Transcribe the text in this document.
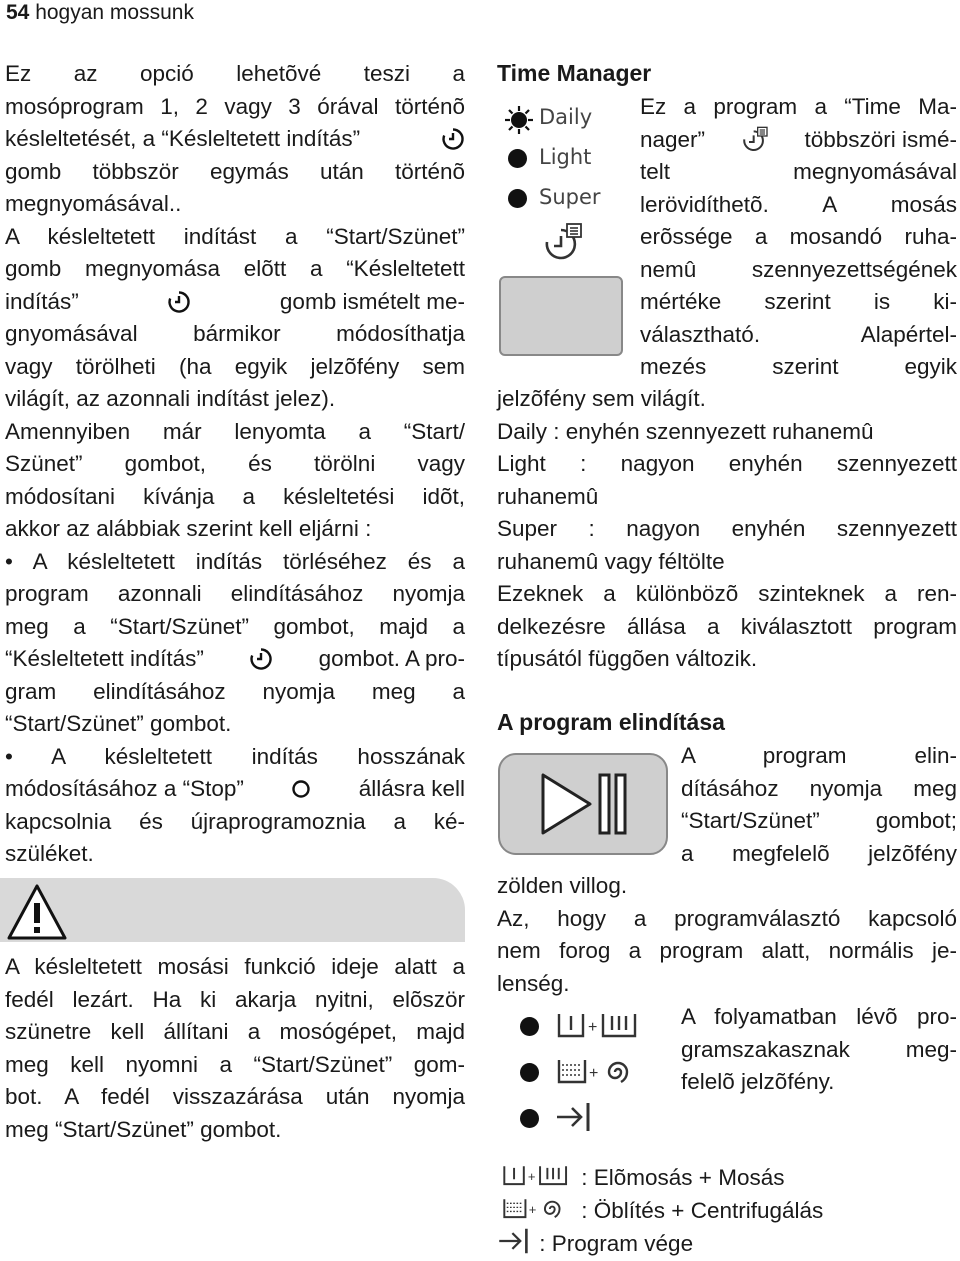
54 hogyan mossunk
Ez az opció lehetõvé teszi a
mosóprogram 1, 2 vagy 3 órával történõ
késleltetését, a “Késleltetett indítás”
gomb többször egymás után történõ
megnyomásával..
A késleltetett indítást a “Start/Szünet”
gomb megnyomása elõtt a “Késleltetett
indítás”	gomb ismételt me-
gnyomásával bármikor módosíthatja
vagy törölheti (ha egyik jelzõfény sem
világít, az azonnali indítást jelez).
Amennyiben már lenyomta a “Start/
Szünet” gombot, és törölni vagy
módosítani kívánja a késleltetési idõt,
akkor az alábbiak szerint kell eljárni :
• A késleltetett indítás törléséhez és a
program azonnali elindításához nyomja
meg a “Start/Szünet” gombot, majd a
“Késleltetett indítás”	gombot. A pro-
gram elindításához nyomja meg a
“Start/Szünet” gombot.
• A késleltetett indítás hosszának
módosításához a “Stop”	állásra kell
kapcsolnia és újraprogramoznia a ké-
szüléket.
A késleltetett mosási funkció ideje alatt a
fedél lezárt. Ha ki akarja nyitni, elõször
szünetre kell állítani a mosógépet, majd
meg kell nyomni a “Start/Szünet” gom-
bot. A fedél visszazárása után nyomja
meg “Start/Szünet” gombot.
Time Manager
Daily
Light
Super
Ez a program a “Time Ma-
nager”	többszöri ismé-
telt megnyomásával
lerövidíthetõ. A mosás
erõssége a mosandó ruha-
nemû szennyezettségének
mértéke szerint is ki-
választható. Alapértel-
mezés szerint egyik
jelzõfény sem világít.
Daily : enyhén szennyezett ruhanemû
Light : nagyon enyhén szennyezett
ruhanemû
Super : nagyon enyhén szennyezett
ruhanemû vagy féltölte
Ezeknek a különbözõ szinteknek a ren-
delkezésre állása a kiválasztott program
típusától függõen változik.
A program elindítása
A program elin-
dításához nyomja meg
“Start/Szünet” gombot;
a megfelelõ jelzõfény
zölden villog.
Az, hogy a programválasztó kapcsoló
nem forog a program alatt, normális je-
lenség.
+
+
A folyamatban lévõ pro-
gramszakasznak meg-
felelõ jelzõfény.
+ : Elõmosás + Mosás
+ : Öblítés + Centrifugálás
: Program vége
